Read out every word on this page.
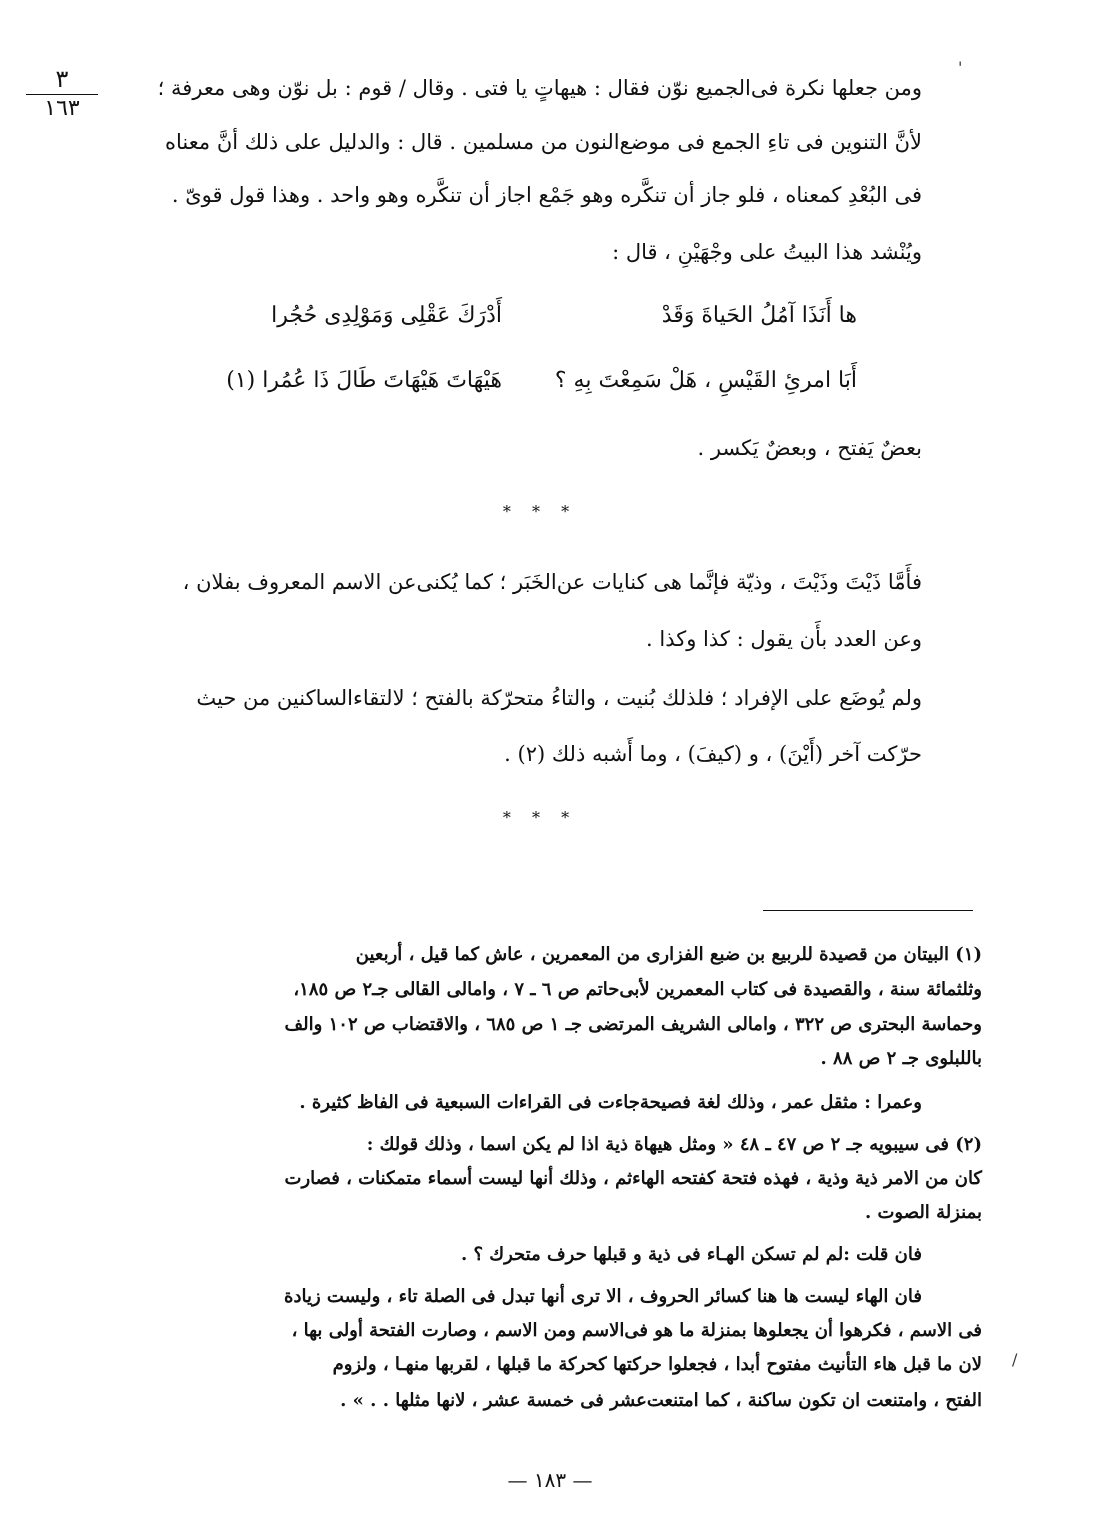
٣
١٦٣
'
ومن جعلها نكرة فى‌الجميع نوّن فقال : هيهاتٍ يا فتى . وقال / قوم : بل نوّن وهى معرفة ؛
لأنَّ التنوين فى تاءِ الجمع فى موضع‌النون من مسلمين . قال : والدليل على ذلك أنَّ معناه
فى البُعْدِ كمعناه ، فلو جاز أن تنكَّره وهو جَمْع اجاز أن تنكَّره وهو واحد . وهذا قول قوىّ .
ويُنْشد هذا البيتُ على وجْهَيْنِ ، قال :
ها أَنَذَا آمُلُ الحَياةَ وَقَدْ
أَدْرَكَ عَقْلِى وَمَوْلِدِى حُجُرا
أَبَا امرئِ القَيْسِ ، هَلْ سَمِعْتَ بِهِ ؟
هَيْهَاتَ هَيْهَاتَ طَالَ ذَا عُمُرا (١)
بعضٌ يَفتح ، وبعضٌ يَكسر .
* * *
فأَمَّا ذَيْتَ وذَيْتَ ، وذيّة فإنَّما هى كنايات عن‌الخَبَر ؛ كما يُكنى‌عن الاسم المعروف بفلان ،
وعن العدد بأَن يقول : كذا وكذا .
ولم يُوضَع على الإفراد ؛ فلذلك بُنيت ، والتاءُ متحرّكة بالفتح ؛ لالتقاء‌الساكنين من حيث
حرّكت آخر (أَيْنَ) ، و (كيفَ) ، وما أَشبه ذلك (٢) .
* * *
(١) البيتان من قصيدة للربيع بن ضبع الفزارى من المعمرين ، عاش كما قيل ، أربعين
وثلثمائة سنة ، والقصيدة فى كتاب المعمرين لأبى‌حاتم ص ٦ ـ ٧ ، وامالى القالى جـ٢ ص ١٨٥،
وحماسة البحترى ص ٣٢٢ ، وامالى الشريف المرتضى جـ ١ ص ٦٨٥ ، والاقتضاب ص ١٠٢ والف
باللبلوى جـ ٢ ص ٨٨ .
وعمرا : مثقل عمر ، وذلك لغة فصيحة‌جاءت فى القراءات السبعية فى الفاظ كثيرة .
(٢) فى سيبويه جـ ٢ ص ٤٧ ـ ٤٨ « ومثل هيهاة ذية اذا لم يكن اسما ، وذلك قولك :
كان من الامر ذية وذية ، فهذه فتحة كفتحه الهاءثم ، وذلك أنها ليست أسماء متمكنات ، فصارت
بمنزلة الصوت .
فان قلت :لم لم تسكن الهـاء فى ذية و قبلها حرف متحرك ؟ .
فان الهاء ليست ها هنا كسائر الحروف ، الا ترى أنها تبدل فى الصلة تاء ، وليست زيادة
فى الاسم ، فكرهوا أن يجعلوها بمنزلة ما هو فى‌الاسم ومن الاسم ، وصارت الفتحة أولى بها ،
لان ما قبل هاء التأنيث مفتوح أبدا ، فجعلوا حركتها كحركة ما قبلها ، لقربها منهـا ، ولزوم
الفتح ، وامتنعت ان تكون ساكنة ، كما امتنعت‌عشر فى خمسة عشر ، لانها مثلها . . » .
/
— ١٨٣ —
